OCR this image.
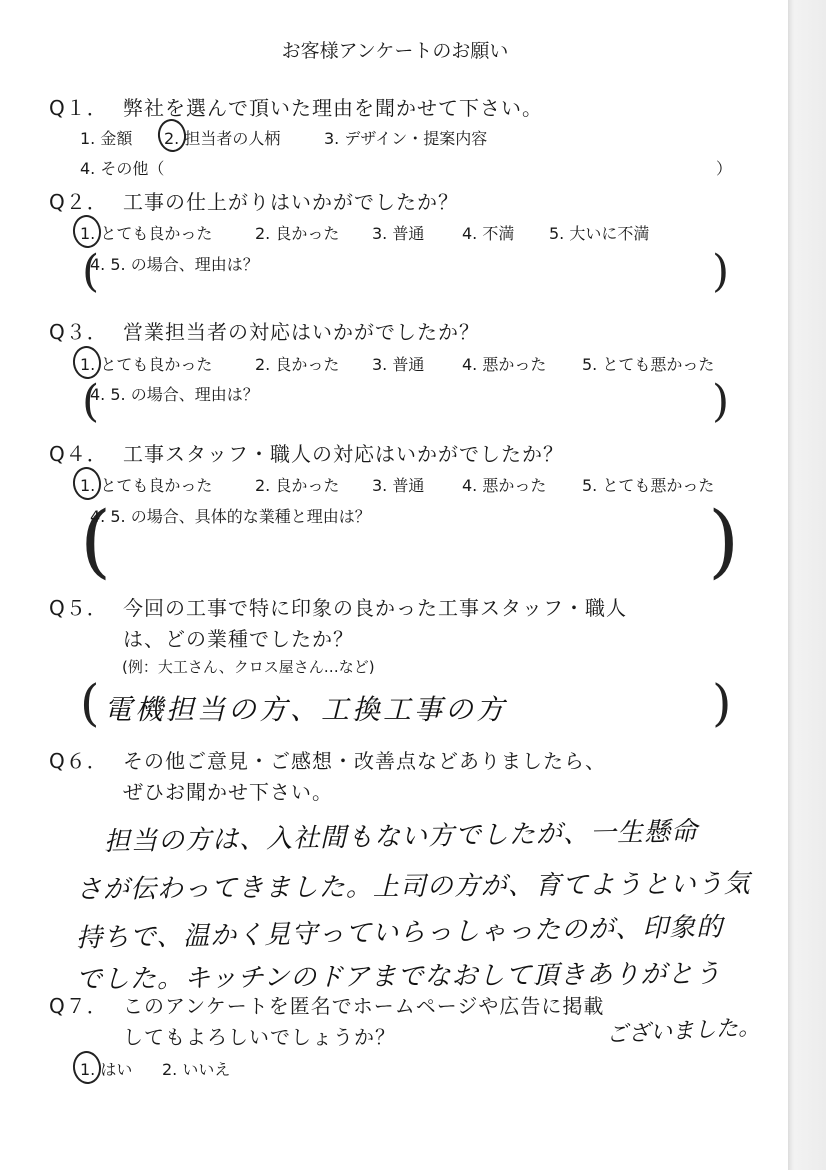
お客様アンケートのお願い
Q１． 弊社を選んで頂いた理由を聞かせて下さい。
1. 金額 2. 担当者の人柄	3. デザイン・提案内容
4. その他（	）
Q２． 工事の仕上がりはいかがでしたか？
1. とても良かった	2. 良かった 3. 普通 4. 不満 5. 大いに不満
(	)
4. 5. の場合、理由は？
Q３． 営業担当者の対応はいかがでしたか？
1. とても良かった	2. 良かった 3. 普通 4. 悪かった 5. とても悪かった
(	)
4. 5. の場合、理由は？
Q４． 工事スタッフ・職人の対応はいかがでしたか？
1. とても良かった	2. 良かった 3. 普通 4. 悪かった 5. とても悪かった
(	)
4. 5. の場合、具体的な業種と理由は？
Q５． 今回の工事で特に印象の良かった工事スタッフ・職人
は、どの業種でしたか？
(例：大工さん、クロス屋さん…など)
(	)
電機担当の方、工換工事の方
Q６． その他ご意見・ご感想・改善点などありましたら、
ぜひお聞かせ下さい。
担当の方は、入社間もない方でしたが、一生懸命
さが伝わってきました。上司の方が、育てようという気
持ちで、温かく見守っていらっしゃったのが、印象的
でした。キッチンのドアまでなおして頂きありがとう
ございました。
Q７． このアンケートを匿名でホームページや広告に掲載
してもよろしいでしょうか？
1. はい 2. いいえ
